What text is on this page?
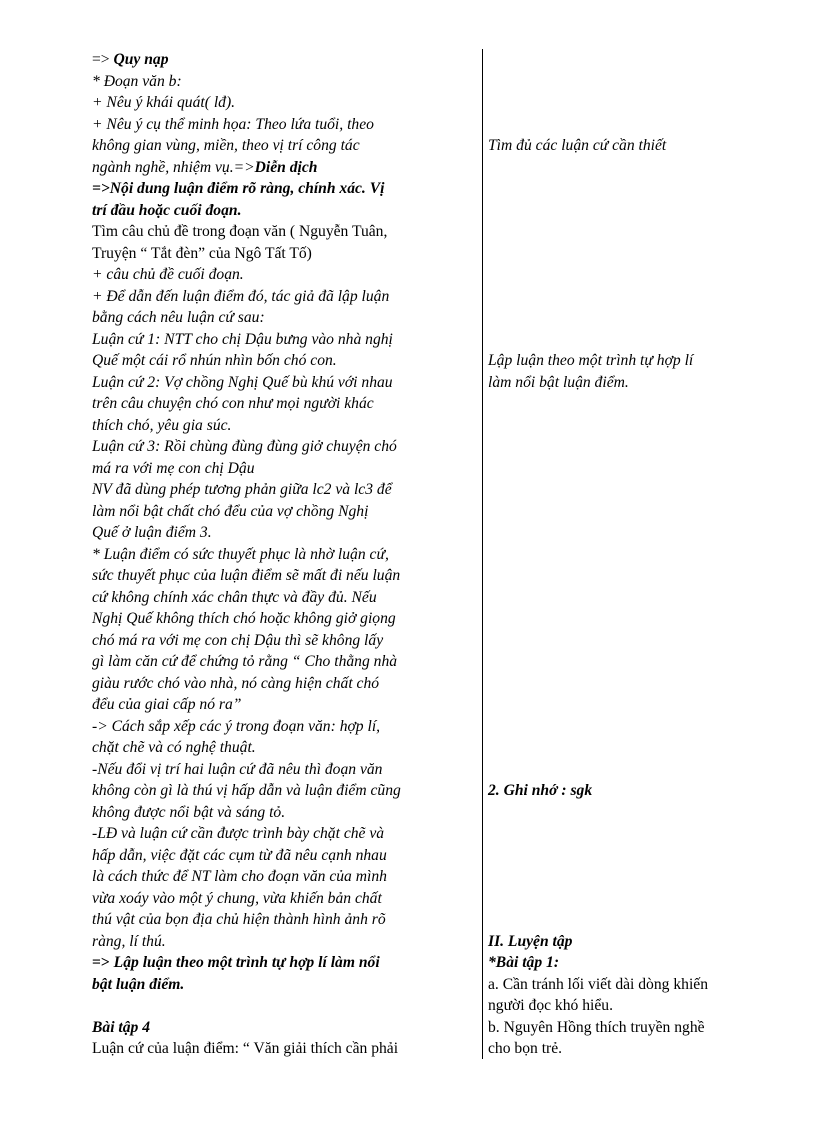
=> Quy nạp
* Đoạn văn b:
+ Nêu ý khái quát( lđ).
+ Nêu ý cụ thể minh họa: Theo lứa tuổi, theo
không gian vùng, miền, theo vị trí công tác
ngành nghề, nhiệm vụ.=>Diễn dịch
=>Nội dung luận điểm rõ ràng, chính xác. Vị
trí đầu hoặc cuối đoạn.
Tìm câu chủ đề trong đoạn văn ( Nguyễn Tuân,
Truyện “ Tắt đèn” của Ngô Tất Tố)
+ câu chủ đề cuối đoạn.
+ Để dẫn đến luận điểm đó, tác giả đã lập luận
bằng cách nêu luận cứ sau:
Luận cứ 1: NTT cho chị Dậu bưng vào nhà nghị
Quế một cái rổ nhún nhìn bốn chó con.
Luận cứ 2: Vợ chồng Nghị Quế bù khú với nhau
trên câu chuyện chó con như mọi người khác
thích chó, yêu gia súc.
Luận cứ 3: Rồi chùng đùng đùng giở chuyện chó
má ra với mẹ con chị Dậu
NV đã dùng phép tương phản giữa lc2 và lc3 để
làm nổi bật chất chó đểu của vợ chồng Nghị
Quế ở luận điểm 3.
* Luận điểm có sức thuyết phục là nhờ luận cứ,
sức thuyết phục của luận điểm sẽ mất đi nếu luận
cứ không chính xác chân thực và đầy đủ. Nếu
Nghị Quế không thích chó hoặc không giở giọng
chó má ra với mẹ con chị Dậu thì sẽ không lấy
gì làm căn cứ để chứng tỏ rằng “ Cho thằng nhà
giàu rước chó vào nhà, nó càng hiện chất chó
đểu của giai cấp nó ra”
-> Cách sắp xếp các ý trong đoạn văn: hợp lí,
chặt chẽ và có nghệ thuật.
-Nếu đổi vị trí hai luận cứ đã nêu thì đoạn văn
không còn gì là thú vị hấp dẫn và luận điểm cũng
không được nổi bật và sáng tỏ.
-LĐ và luận cứ cần được trình bày chặt chẽ và
hấp dẫn, việc đặt các cụm từ đã nêu cạnh nhau
là cách thức để NT làm cho đoạn văn của mình
vừa xoáy vào một ý chung, vừa khiến bản chất
thú vật của bọn địa chủ hiện thành hình ảnh rõ
ràng, lí thú.
=> Lập luận theo một trình tự hợp lí làm nổi
bật luận điểm.

Bài tập 4
Luận cứ của luận điểm: “ Văn giải thích cần phải
Tìm đủ các luận cứ cần thiết
Lập luận theo một trình tự hợp lí
làm nổi bật luận điểm.
2. Ghi nhớ : sgk
II. Luyện tập
*Bài tập 1:
a. Cần tránh lối viết dài dòng khiến
người đọc khó hiểu.
b. Nguyên Hồng thích truyền nghề
cho bọn trẻ.
